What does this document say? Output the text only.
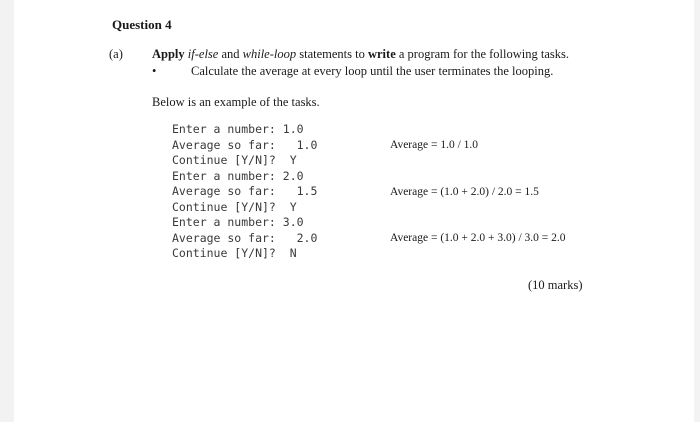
Question 4
(a) Apply if-else and while-loop statements to write a program for the following tasks.
•	Calculate the average at every loop until the user terminates the looping.
Below is an example of the tasks.
Enter a number: 1.0
Average so far:   1.0
Continue [Y/N]?  Y
Enter a number: 2.0
Average so far:   1.5
Continue [Y/N]?  Y
Enter a number: 3.0
Average so far:   2.0
Continue [Y/N]?  N
Average = 1.0 / 1.0
Average = (1.0 + 2.0) / 2.0 = 1.5
Average = (1.0 + 2.0 + 3.0) / 3.0 = 2.0
(10 marks)
